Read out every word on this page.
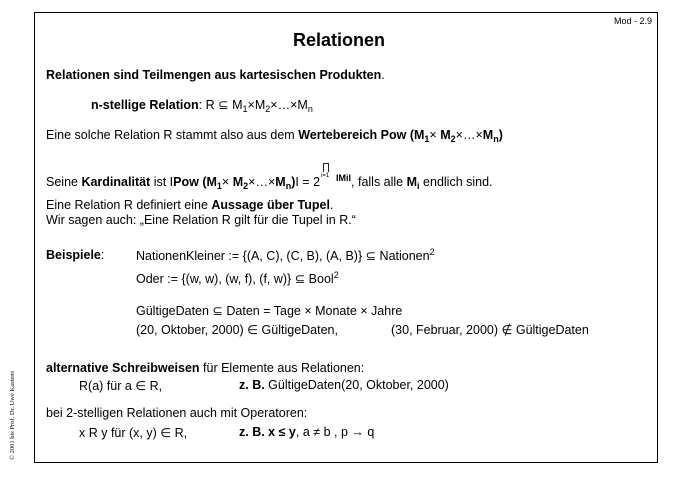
Mod - 2.9
Relationen
Relationen sind Teilmengen aus kartesischen Produkten.
n-stellige Relation: R ⊆ $M_1\times M_2\times\dots\times M_n$
Eine solche Relation R stammt also aus dem Wertebereich Pow ($M_1\times$ $M_2\times\dots\times M_n$)
Seine Kardinalität ist IPow ($M_1\times$ $M_2\times\dots\times M_n)I = 2$
∏
i=1 $^{IMiI}$, falls alle $M_i$ endlich sind.
Eine Relation R definiert eine Aussage über Tupel.
Wir sagen auch: „Eine Relation R gilt für die Tupel in R.“
Beispiele:	NationenKleiner := {(A, C), (C, B), (A, B)} ⊆ Nationen$^2$
Oder := {(w, w), (w, f), (f, w)} ⊆ Bool$^2$
GültigeDaten ⊆ Daten = Tage × Monate × Jahre
(20, Oktober, 2000) ∈ GültigeDaten,	(30, Februar, 2000) ∉ GültigeDaten
alternative Schreibweisen für Elemente aus Relationen:
R(a) für a ∈ R,	z. B. GültigeDaten(20, Oktober, 2000)
bei 2-stelligen Relationen auch mit Operatoren:
x R y für (x, y) ∈ R,	z. B. x ≤ y, a ≠ b , p → q
© 2001 bis Prof. Dr. Uwe Kastens
